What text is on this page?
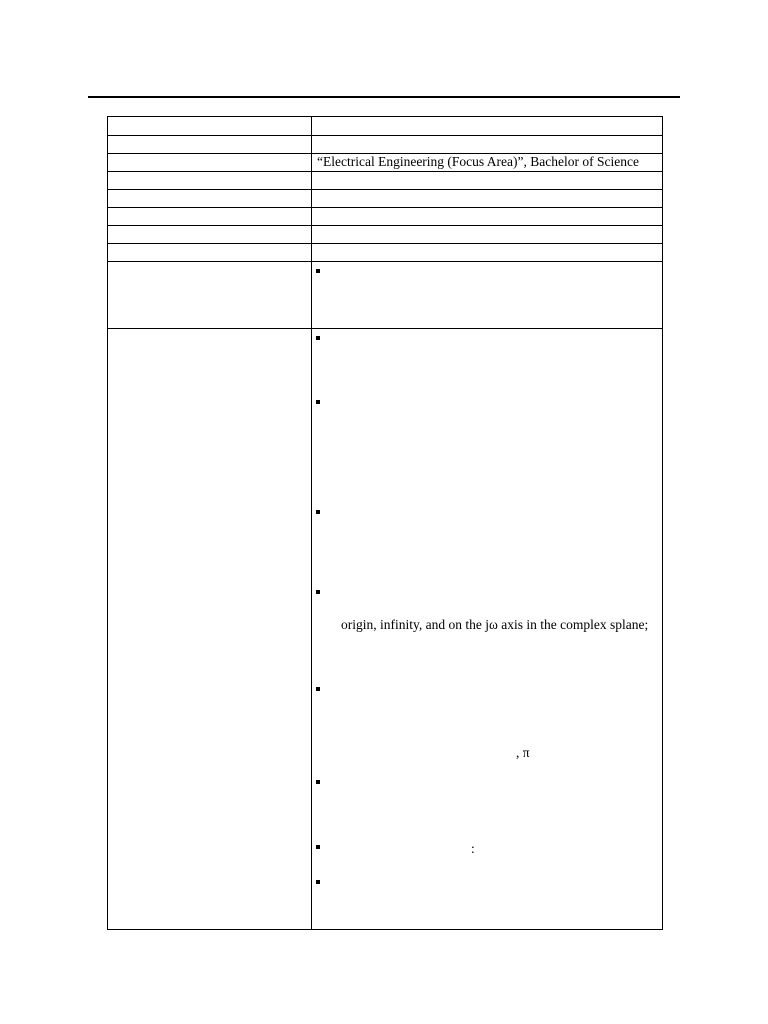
“Electrical Engineering (Focus Area)”, Bachelor of Science
origin, infinity, and on the jω axis in the complex splane;
, π
:
